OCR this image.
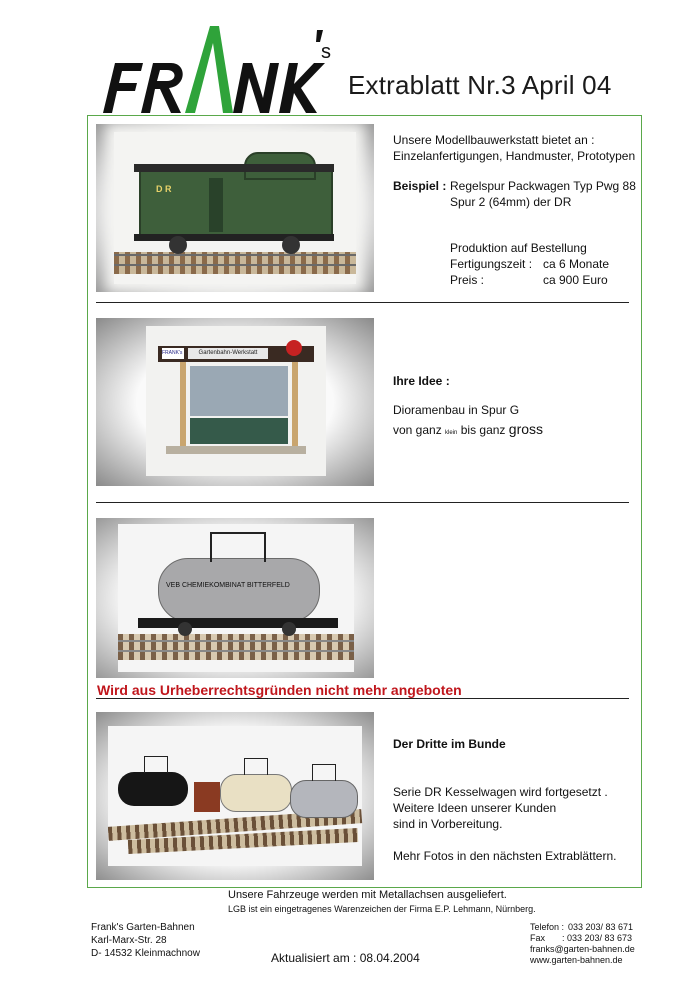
s
Extrablatt Nr.3 April 04
D R
Unsere Modellbauwerkstatt bietet an :
Einzelanfertigungen, Handmuster, Prototypen
Beispiel : Regelspur Packwagen Typ Pwg 88
Spur 2 (64mm) der DR
Produktion auf Bestellung
Fertigungszeit : ca 6 Monate
Preis :	ca 900 Euro
Gartenbahn-Werkstatt
FRANK's
Ihre Idee :
Dioramenbau in Spur G
von ganz klein bis ganz gross
VEB CHEMIEKOMBINAT BITTERFELD
Wird aus Urheberrechtsgründen nicht mehr angeboten
Der Dritte im Bunde
Serie DR Kesselwagen wird fortgesetzt .
Weitere Ideen unserer Kunden
sind in Vorbereitung.
Mehr Fotos in den nächsten Extrablättern.
Unsere Fahrzeuge werden mit Metallachsen ausgeliefert.
LGB ist ein eingetragenes Warenzeichen der Firma E.P. Lehmann, Nürnberg.
Frank's Garten-Bahnen
Karl-Marx-Str. 28
D- 14532 Kleinmachnow	Aktualisiert am : 08.04.2004
Telefon : 033 203/ 83 671
Fax : 033 203/ 83 673
franks@garten-bahnen.de
www.garten-bahnen.de
